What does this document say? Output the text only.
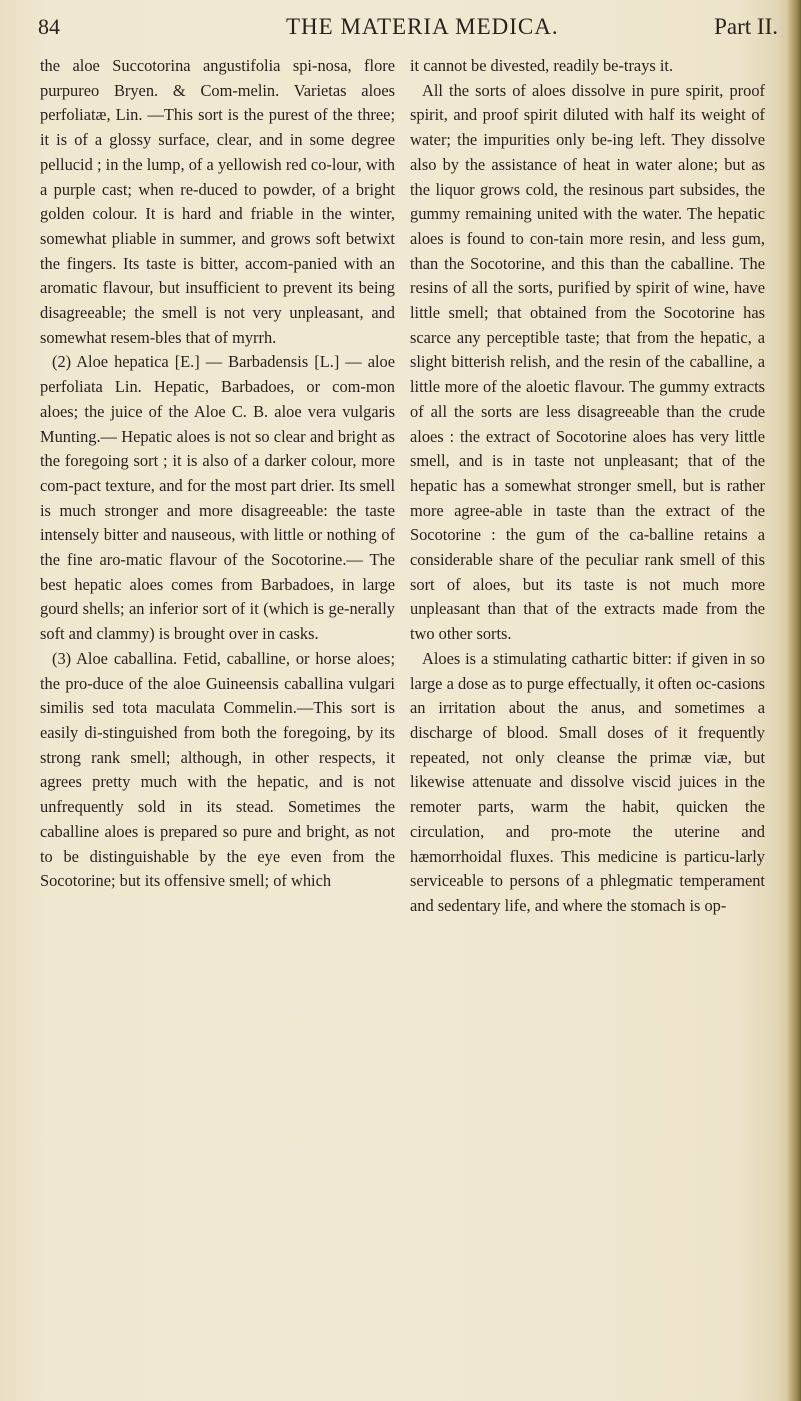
84	THE MATERIA MEDICA.	Part II.

the aloe Succotorina angustifolia spi-nosa, flore purpureo Bryen. & Com-melin. Varietas aloes perfoliatæ, Lin. —This sort is the purest of the three; it is of a glossy surface, clear, and in some degree pellucid ; in the lump, of a yellowish red co-lour, with a purple cast; when re-duced to powder, of a bright golden colour. It is hard and friable in the winter, somewhat pliable in summer, and grows soft betwixt the fingers. Its taste is bitter, accom-panied with an aromatic flavour, but insufficient to prevent its being disagreeable; the smell is not very unpleasant, and somewhat resem-bles that of myrrh.

(2) Aloe hepatica [E.] — Barbadensis [L.] — aloe perfoliata Lin. Hepatic, Barbadoes, or com-mon aloes; the juice of the Aloe C. B. aloe vera vulgaris Munting.— Hepatic aloes is not so clear and bright as the foregoing sort ; it is also of a darker colour, more com-pact texture, and for the most part drier. Its smell is much stronger and more disagreeable: the taste intensely bitter and nauseous, with little or nothing of the fine aro-matic flavour of the Socotorine.— The best hepatic aloes comes from Barbadoes, in large gourd shells; an inferior sort of it (which is ge-nerally soft and clammy) is brought over in casks.

(3) Aloe caballina. Fetid, caballine, or horse aloes; the pro-duce of the aloe Guineensis caballina vulgari similis sed tota maculata Commelin.—This sort is easily di-stinguished from both the foregoing, by its strong rank smell; although, in other respects, it agrees pretty much with the hepatic, and is not unfrequently sold in its stead. Sometimes the caballine aloes is prepared so pure and bright, as not to be distinguishable by the eye even from the Socotorine; but its offensive smell; of which

it cannot be divested, readily be-trays it.

All the sorts of aloes dissolve in pure spirit, proof spirit, and proof spirit diluted with half its weight of water; the impurities only be-ing left. They dissolve also by the assistance of heat in water alone; but as the liquor grows cold, the resinous part subsides, the gummy remaining united with the water. The hepatic aloes is found to con-tain more resin, and less gum, than the Socotorine, and this than the caballine. The resins of all the sorts, purified by spirit of wine, have little smell; that obtained from the Socotorine has scarce any perceptible taste; that from the hepatic, a slight bitterish relish, and the resin of the caballine, a little more of the aloetic flavour. The gummy extracts of all the sorts are less disagreeable than the crude aloes : the extract of Socotorine aloes has very little smell, and is in taste not unpleasant; that of the hepatic has a somewhat stronger smell, but is rather more agree-able in taste than the extract of the Socotorine : the gum of the ca-balline retains a considerable share of the peculiar rank smell of this sort of aloes, but its taste is not much more unpleasant than that of the extracts made from the two other sorts.

Aloes is a stimulating cathartic bitter: if given in so large a dose as to purge effectually, it often oc-casions an irritation about the anus, and sometimes a discharge of blood. Small doses of it frequently repeated, not only cleanse the primæ viæ, but likewise attenuate and dissolve viscid juices in the remoter parts, warm the habit, quicken the circulation, and pro-mote the uterine and hæmorrhoidal fluxes. This medicine is particu-larly serviceable to persons of a phlegmatic temperament and sedentary life, and where the stomach is op-
